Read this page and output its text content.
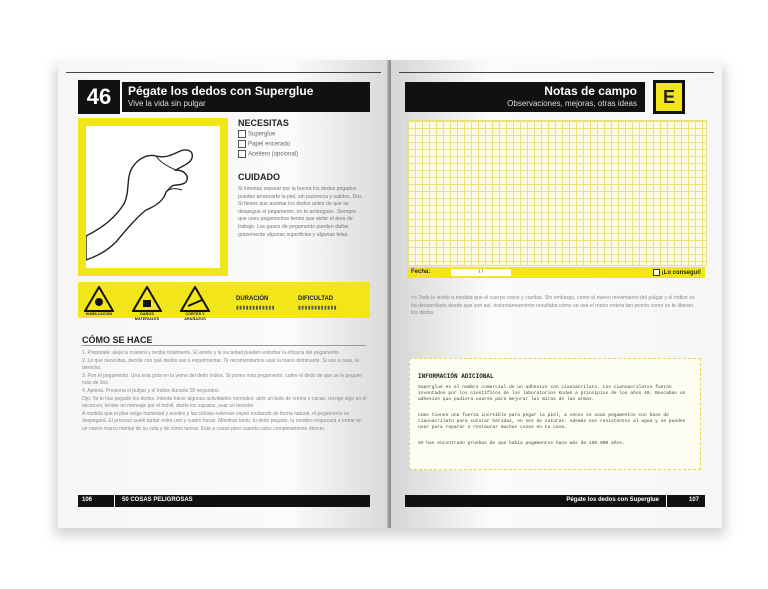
46	Pégate los dedos con Superglue
Vive la vida sin pulgar
NECESITAS
Superglue
Papel encerado
Aceitero (opcional)
CUIDADO
Si intentas separar por la fuerza los dedos pegados puedes arrancarte la piel, sin paciencia y salidos. Dos. Si tienes que asomar los dedos antes de que se despegue el pegamento, no te arriesgues. Siempre que uses pegamentos tienes que aislar el área de trabajo. Los gases de pegamento pueden dañar gravemente algunas superficies y algunas telas.
HUMILLACIÓN	DAÑOS MATERIALES
CORTES Y ARAÑAZOS
DURACIÓN	DIFICULTAD
▮▮▮▮▮▮▮▮▮▮▮▮	▮▮▮▮▮▮▮▮▮▮▮▮
CÓMO SE HACE
1. Prepárate: aleja tu manera y recibe totalmente. El aceite y la suciedad pueden estorbar la eficacia del pegamento.
2. Lo que necesitas, decide con qué dedos vas a experimentar. Te recomendamos usar la mano dominante. Si vas a casa, la derecha.
3. Pon el pegamento. Una sola gota en la yema del dedo índice. Si pones más pegamento, cubre el dedo de que se le peguen más de dos.
4. Aprieta. Presiona el pulgar y el índice durante 30 segundos.
Ojo: Ya te has pegado los dedos. Intenta hacer algunas actividades normales: abrir un bote de crema o cacao, recoge algo en el ascensor, tender un mensaje por el móvil, atarte los zapatos, usar un tenedor.
A medida que el pilar exige humedad y aceites y las células externas vayan mudando de forma natural, el pegamento se despegará. El proceso suele tardar entre uno y cuatro horas. Mientras tanto, tu dedo pegado, tu cerebro empezará a entrar en un nuevo marco mental de su vida y de cómo tareas. Este a cosas pero cuando calce completamente directo.
106	50 COSAS PELIGROSAS
Notas de campo
Observaciones, mejoras, otras ideas	E
Fecha:	/ /	¡Lo conseguí!
>> Todo lo vivido a medida que el cuerpo crece y cambia. Sin embargo, como el nuevo movimiento del pulgar y el índice se ha desarrollado desde que son así, instantáneamente resultaba cómo se usa el mano entera tan pronto como se te liberan los dedos.
INFORMACIÓN ADICIONAL
Superglue es el nombre comercial de un adhesivo con cianoacrilato. Los cianoacrilatos fueron inventados por los científicos de los laboratorios Kodak a principios de los años 40. Buscaban un adhesivo que pudiera usarse para mejorar las miras de las armas.
Como tienen una fuerza increíble para pegar la piel, a veces se usan pegamentos con base de cianoacrilato para suturar heridas, en vez de suturas. Además son resistentes al agua y se pueden usar para reparar o restaurar muchas cosas en tu casa.
Se han encontrado pruebas de que había pegamentos hace más de 150.000 años.
Pégate los dedos con Superglue	107
